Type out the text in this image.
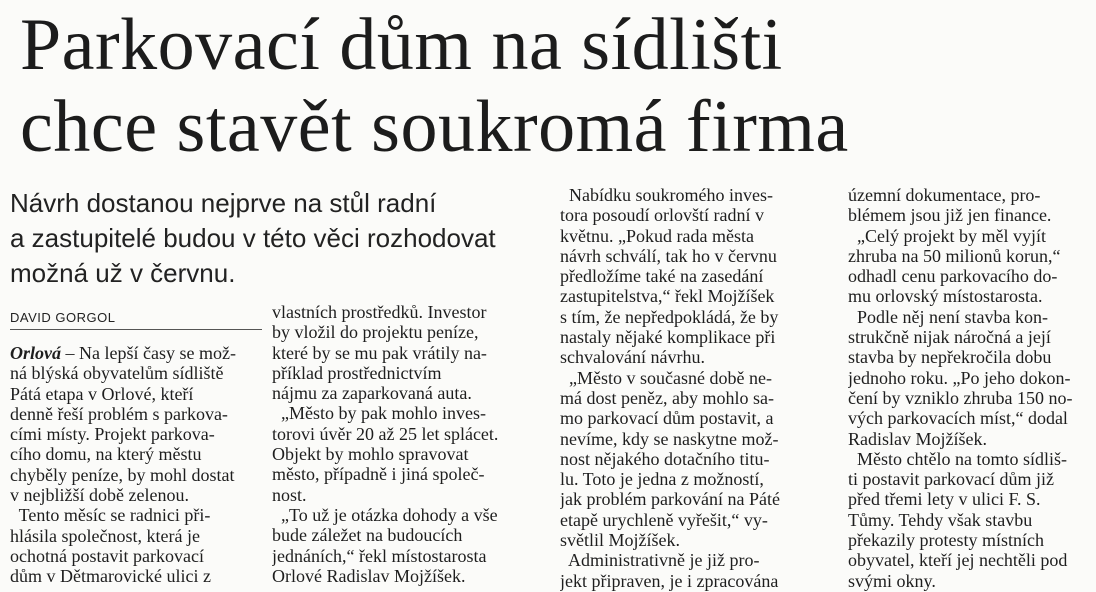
Parkovací dům na sídlišti
chce stavět soukromá firma
Návrh dostanou nejprve na stůl radní
a zastupitelé budou v této věci rozhodovat
možná už v červnu.
DAVID GORGOL
Orlová – Na lepší časy se mož-
ná blýská obyvatelům sídliště
Pátá etapa v Orlové, kteří
denně řeší problém s parkova-
cími místy. Projekt parkova-
cího domu, na který městu
chyběly peníze, by mohl dostat
v nejbližší době zelenou.
Tento měsíc se radnici při-
hlásila společnost, která je
ochotná postavit parkovací
dům v Dětmarovické ulici z
vlastních prostředků. Investor
by vložil do projektu peníze,
které by se mu pak vrátily na-
příklad prostřednictvím
nájmu za zaparkovaná auta.
„Město by pak mohlo inves-
torovi úvěr 20 až 25 let splácet.
Objekt by mohlo spravovat
město, případně i jiná společ-
nost.
„To už je otázka dohody a vše
bude záležet na budoucích
jednáních,“ řekl místostarosta
Orlové Radislav Mojžíšek.
Nabídku soukromého inves-
tora posoudí orlovští radní v
květnu. „Pokud rada města
návrh schválí, tak ho v červnu
předložíme také na zasedání
zastupitelstva,“ řekl Mojžíšek
s tím, že nepředpokládá, že by
nastaly nějaké komplikace při
schvalování návrhu.
„Město v současné době ne-
má dost peněz, aby mohlo sa-
mo parkovací dům postavit, a
nevíme, kdy se naskytne mož-
nost nějakého dotačního titu-
lu. Toto je jedna z možností,
jak problém parkování na Páté
etapě urychleně vyřešit,“ vy-
světlil Mojžíšek.
Administrativně je již pro-
jekt připraven, je i zpracována
územní dokumentace, pro-
blémem jsou již jen finance.
„Celý projekt by měl vyjít
zhruba na 50 milionů korun,“
odhadl cenu parkovacího do-
mu orlovský místostarosta.
Podle něj není stavba kon-
strukčně nijak náročná a její
stavba by nepřekročila dobu
jednoho roku. „Po jeho dokon-
čení by vzniklo zhruba 150 no-
vých parkovacích míst,“ dodal
Radislav Mojžíšek.
Město chtělo na tomto sídliš-
ti postavit parkovací dům již
před třemi lety v ulici F. S.
Tůmy. Tehdy však stavbu
překazily protesty místních
obyvatel, kteří jej nechtěli pod
svými okny.
